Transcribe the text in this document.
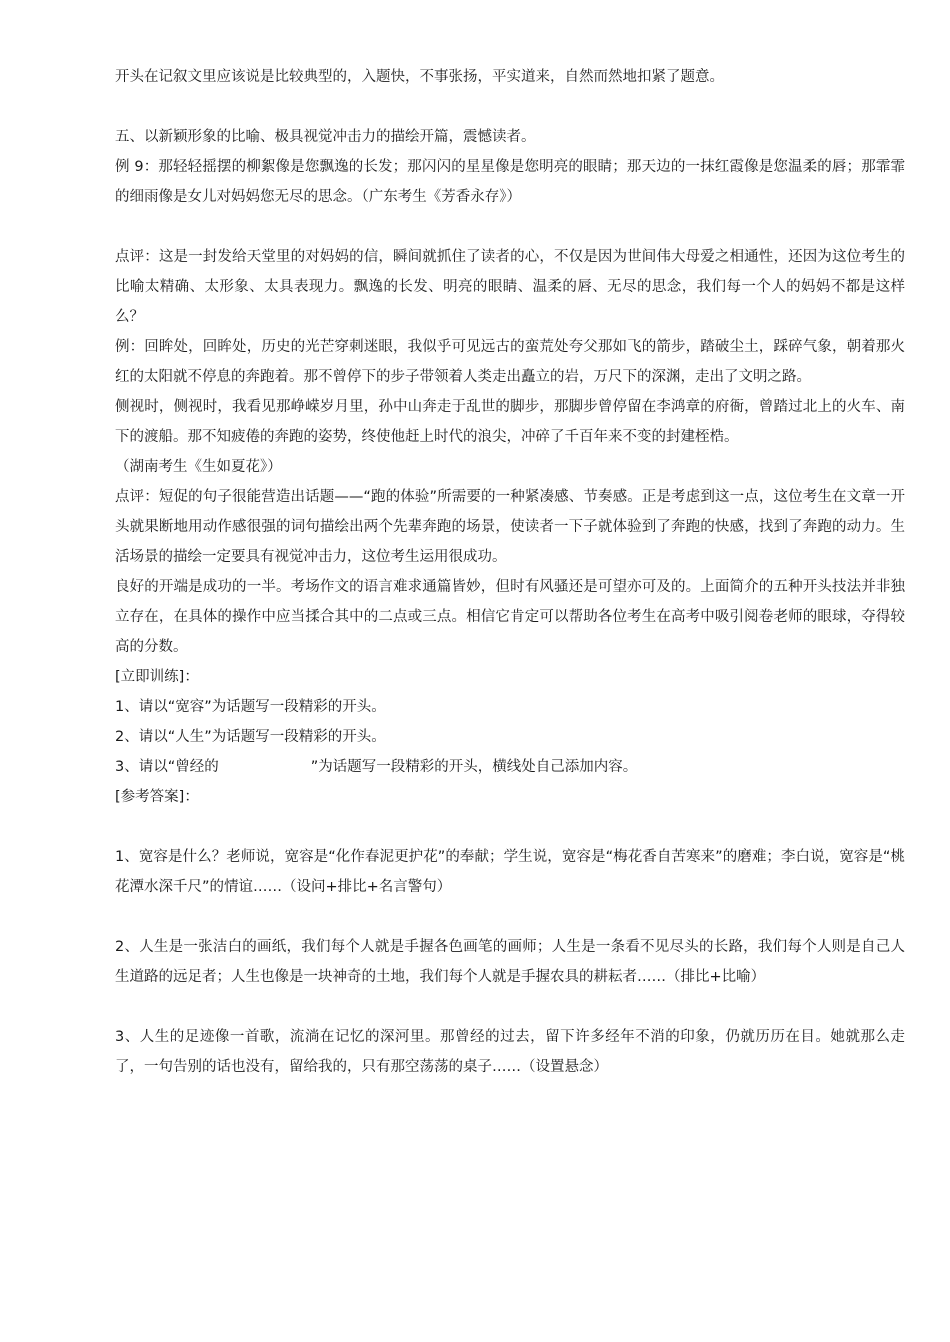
开头在记叙文里应该说是比较典型的，入题快，不事张扬，平实道来，自然而然地扣紧了题意。

五、以新颖形象的比喻、极具视觉冲击力的描绘开篇，震憾读者。

例 9：那轻轻摇摆的柳絮像是您飘逸的长发；那闪闪的星星像是您明亮的眼睛；那天边的一抹红霞像是您温柔的唇；那霏霏的细雨像是女儿对妈妈您无尽的思念。（广东考生《芳香永存》）

点评：这是一封发给天堂里的对妈妈的信，瞬间就抓住了读者的心，不仅是因为世间伟大母爱之相通性，还因为这位考生的比喻太精确、太形象、太具表现力。飘逸的长发、明亮的眼睛、温柔的唇、无尽的思念，我们每一个人的妈妈不都是这样么？

例：回眸处，回眸处，历史的光芒穿刺迷眼，我似乎可见远古的蛮荒处夸父那如飞的箭步，踏破尘土，踩碎气象，朝着那火红的太阳就不停息的奔跑着。那不曾停下的步子带领着人类走出矗立的岩，万尺下的深渊，走出了文明之路。

侧视时，侧视时，我看见那峥嵘岁月里，孙中山奔走于乱世的脚步，那脚步曾停留在李鸿章的府衙，曾踏过北上的火车、南下的渡船。那不知疲倦的奔跑的姿势，终使他赶上时代的浪尖，冲碎了千百年来不变的封建桎梏。

（湖南考生《生如夏花》）

点评：短促的句子很能营造出话题——“跑的体验”所需要的一种紧凑感、节奏感。正是考虑到这一点，这位考生在文章一开头就果断地用动作感很强的词句描绘出两个先辈奔跑的场景，使读者一下子就体验到了奔跑的快感，找到了奔跑的动力。生活场景的描绘一定要具有视觉冲击力，这位考生运用很成功。

良好的开端是成功的一半。考场作文的语言难求通篇皆妙，但时有风骚还是可望亦可及的。上面简介的五种开头技法并非独立存在，在具体的操作中应当揉合其中的二点或三点。相信它肯定可以帮助各位考生在高考中吸引阅卷老师的眼球，夺得较高的分数。

[立即训练]：

1、请以“宽容”为话题写一段精彩的开头。

2、请以“人生”为话题写一段精彩的开头。

3、请以“曾经的	”为话题写一段精彩的开头，横线处自己添加内容。

[参考答案]：

1、宽容是什么？老师说，宽容是“化作春泥更护花”的奉献；学生说，宽容是“梅花香自苦寒来”的磨难；李白说，宽容是“桃花潭水深千尺”的情谊……（设问+排比+名言警句）

2、人生是一张洁白的画纸，我们每个人就是手握各色画笔的画师；人生是一条看不见尽头的长路，我们每个人则是自己人生道路的远足者；人生也像是一块神奇的土地，我们每个人就是手握农具的耕耘者……（排比+比喻）

3、人生的足迹像一首歌，流淌在记忆的深河里。那曾经的过去，留下许多经年不消的印象，仍就历历在目。她就那么走了，一句告别的话也没有，留给我的，只有那空荡荡的桌子……（设置悬念）
